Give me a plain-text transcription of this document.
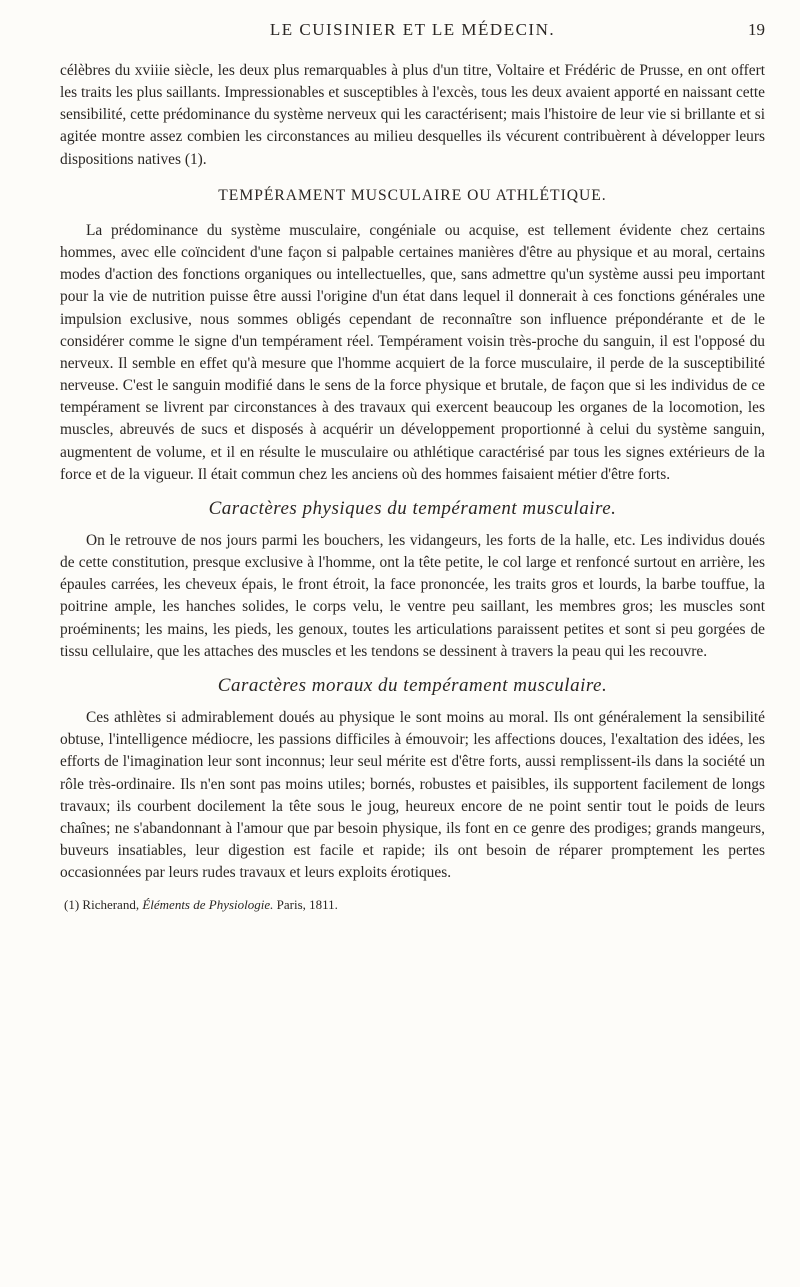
LE CUISINIER ET LE MÉDECIN.	19

célèbres du xviiie siècle, les deux plus remarquables à plus d'un titre, Voltaire et Frédéric de Prusse, en ont offert les traits les plus saillants. Impressionables et susceptibles à l'excès, tous les deux avaient apporté en naissant cette sensibilité, cette prédominance du système nerveux qui les caractérisent; mais l'histoire de leur vie si brillante et si agitée montre assez combien les circonstances au milieu desquelles ils vécurent contribuèrent à développer leurs dispositions natives (1).

TEMPÉRAMENT MUSCULAIRE OU ATHLÉTIQUE.

La prédominance du système musculaire, congéniale ou acquise, est tellement évidente chez certains hommes, avec elle coïncident d'une façon si palpable certaines manières d'être au physique et au moral, certains modes d'action des fonctions organiques ou intellectuelles, que, sans admettre qu'un système aussi peu important pour la vie de nutrition puisse être aussi l'origine d'un état dans lequel il donnerait à ces fonctions générales une impulsion exclusive, nous sommes obligés cependant de reconnaître son influence prépondérante et de le considérer comme le signe d'un tempérament réel. Tempérament voisin très-proche du sanguin, il est l'opposé du nerveux. Il semble en effet qu'à mesure que l'homme acquiert de la force musculaire, il perde de la susceptibilité nerveuse. C'est le sanguin modifié dans le sens de la force physique et brutale, de façon que si les individus de ce tempérament se livrent par circonstances à des travaux qui exercent beaucoup les organes de la locomotion, les muscles, abreuvés de sucs et disposés à acquérir un développement proportionné à celui du système sanguin, augmentent de volume, et il en résulte le musculaire ou athlétique caractérisé par tous les signes extérieurs de la force et de la vigueur. Il était commun chez les anciens où des hommes faisaient métier d'être forts.

Caractères physiques du tempérament musculaire.

On le retrouve de nos jours parmi les bouchers, les vidangeurs, les forts de la halle, etc. Les individus doués de cette constitution, presque exclusive à l'homme, ont la tête petite, le col large et renfoncé surtout en arrière, les épaules carrées, les cheveux épais, le front étroit, la face prononcée, les traits gros et lourds, la barbe touffue, la poitrine ample, les hanches solides, le corps velu, le ventre peu saillant, les membres gros; les muscles sont proéminents; les mains, les pieds, les genoux, toutes les articulations paraissent petites et sont si peu gorgées de tissu cellulaire, que les attaches des muscles et les tendons se dessinent à travers la peau qui les recouvre.

Caractères moraux du tempérament musculaire.

Ces athlètes si admirablement doués au physique le sont moins au moral. Ils ont généralement la sensibilité obtuse, l'intelligence médiocre, les passions difficiles à émouvoir; les affections douces, l'exaltation des idées, les efforts de l'imagination leur sont inconnus; leur seul mérite est d'être forts, aussi remplissent-ils dans la société un rôle très-ordinaire. Ils n'en sont pas moins utiles; bornés, robustes et paisibles, ils supportent facilement de longs travaux; ils courbent docilement la tête sous le joug, heureux encore de ne point sentir tout le poids de leurs chaînes; ne s'abandonnant à l'amour que par besoin physique, ils font en ce genre des prodiges; grands mangeurs, buveurs insatiables, leur digestion est facile et rapide; ils ont besoin de réparer promptement les pertes occasionnées par leurs rudes travaux et leurs exploits érotiques.

(1) Richerand, Éléments de Physiologie. Paris, 1811.
